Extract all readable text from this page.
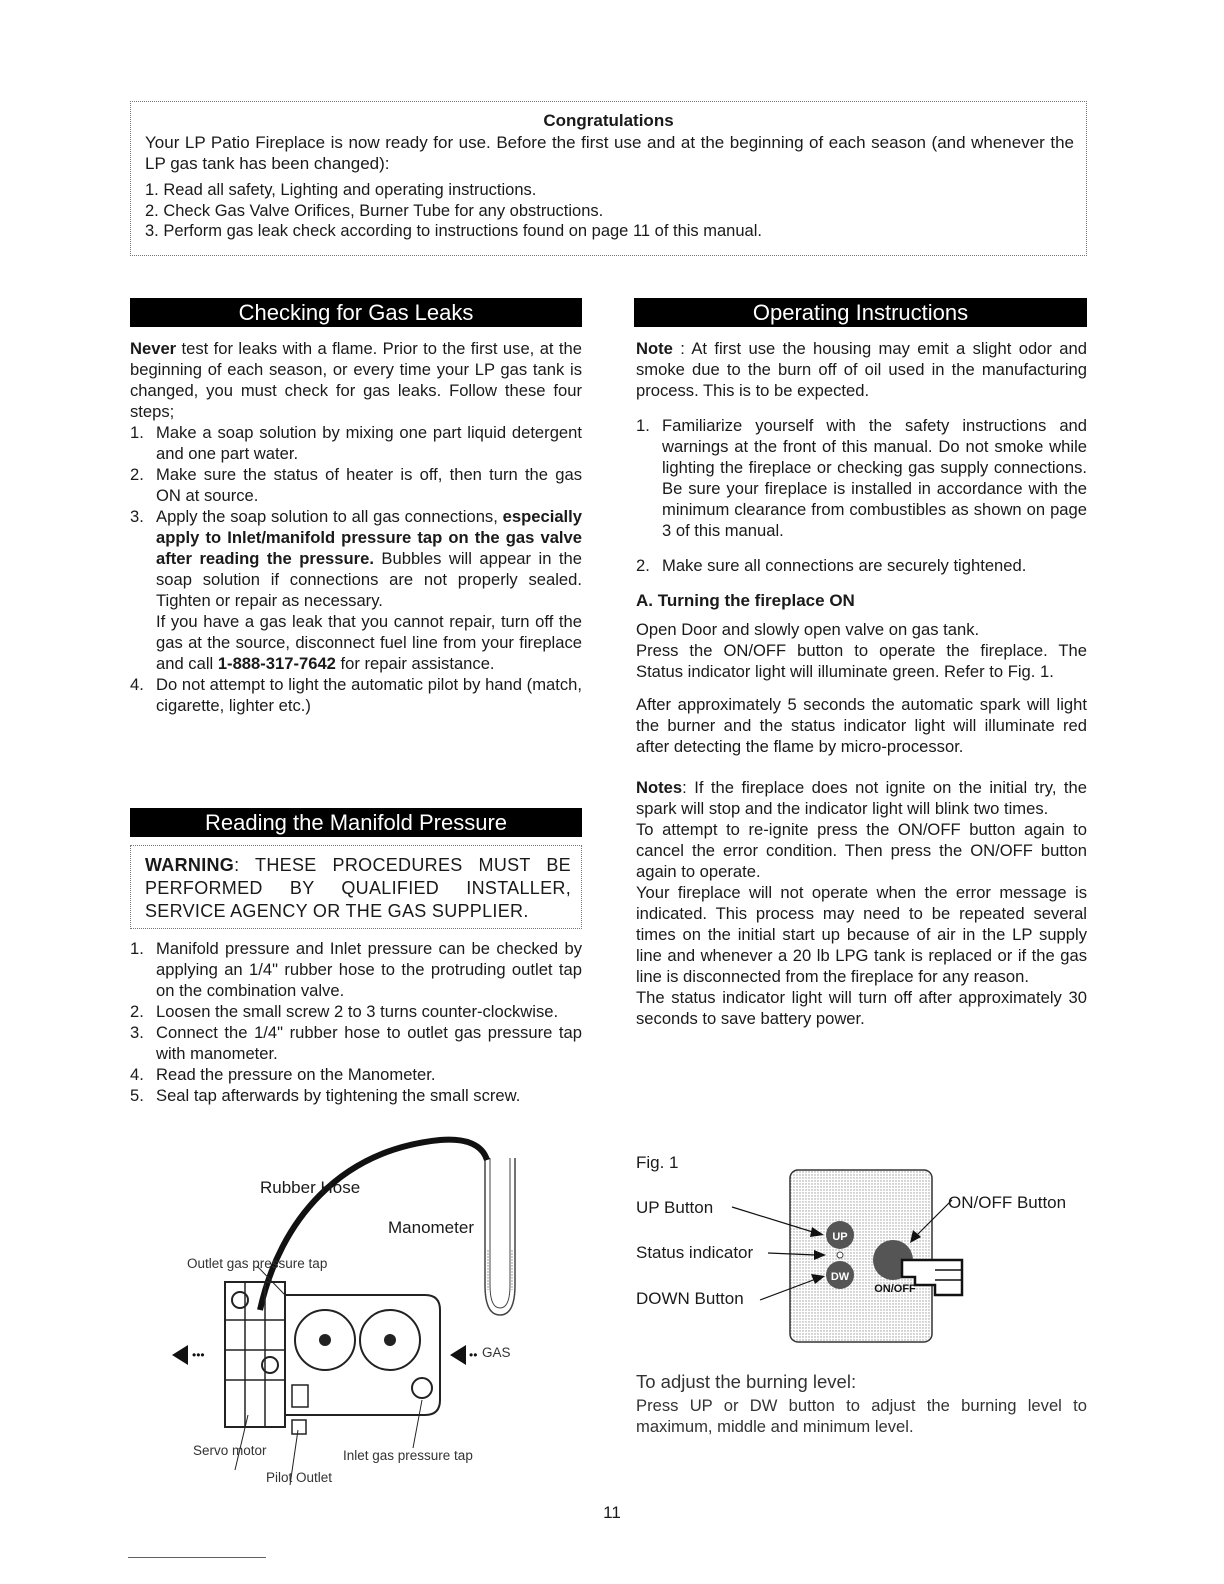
Congratulations
Your LP Patio Fireplace is now ready for use. Before the first use and at the beginning of each season (and whenever the LP gas tank has been changed):
1. Read all safety, Lighting and operating instructions.
2. Check Gas Valve Orifices, Burner Tube for any obstructions.
3. Perform gas leak check according to instructions found on page 11 of this manual.
Checking for Gas Leaks

Never test for leaks with a flame. Prior to the first use, at the beginning of each season, or every time your LP gas tank is changed, you must check for gas leaks. Follow these four steps;

1. Make a soap solution by mixing one part liquid detergent and one part water.
2. Make sure the status of heater is off, then turn the gas ON at source.
3. Apply the soap solution to all gas connections, especially apply to Inlet/manifold pressure tap on the gas valve after reading the pressure. Bubbles will appear in the soap solution if connections are not properly sealed. Tighten or repair as necessary.
If you have a gas leak that you cannot repair, turn off the gas at the source, disconnect fuel line from your fireplace and call 1-888-317-7642 for repair assistance.
4. Do not attempt to light the automatic pilot by hand (match, cigarette, lighter etc.)
Reading the Manifold Pressure
WARNING: THESE PROCEDURES MUST BE PERFORMED BY QUALIFIED INSTALLER, SERVICE AGENCY OR THE GAS SUPPLIER.
1. Manifold pressure and Inlet pressure can be checked by applying an 1/4" rubber hose to the protruding outlet tap on the combination valve.
2. Loosen the small screw 2 to 3 turns counter-clockwise.
3. Connect the 1/4" rubber hose to outlet gas pressure tap with manometer.
4. Read the pressure on the Manometer.
5. Seal tap afterwards by tightening the small screw.
•••	••
Rubber Hose
Manometer
Outlet gas pressure tap
GAS
Servo motor	Inlet gas pressure tap
Pilot Outlet
Operating Instructions

Note : At first use the housing may emit a slight odor and smoke due to the burn off of oil used in the manufacturing process. This is to be expected.

1. Familiarize yourself with the safety instructions and warnings at the front of this manual. Do not smoke while lighting the fireplace or checking gas supply connections. Be sure your fireplace is installed in accordance with the minimum clearance from combustibles as shown on page 3 of this manual.
2. Make sure all connections are securely tightened.

A. Turning the fireplace ON

Open Door and slowly open valve on gas tank.

Press the ON/OFF button to operate the fireplace. The Status indicator light will illuminate green. Refer to Fig. 1.

After approximately 5 seconds the automatic spark will light the burner and the status indicator light will illuminate red after detecting the flame by micro-processor.

Notes: If the fireplace does not ignite on the initial try, the spark will stop and the indicator light will blink two times.

To attempt to re-ignite press the ON/OFF button again to cancel the error condition. Then press the ON/OFF button again to operate.

Your fireplace will not operate when the error message is indicated. This process may need to be repeated several times on the initial start up because of air in the LP supply line and whenever a 20 lb LPG tank is replaced or if the gas line is disconnected from the fireplace for any reason.

The status indicator light will turn off after approximately 30 seconds to save battery power.

Fig. 1
UP
DW
ON/OFF
UP Button
Status indicator
DOWN Button
ON/OFF Button
To adjust the burning level:

Press UP or DW button to adjust the burning level to maximum, middle and minimum level.

11
